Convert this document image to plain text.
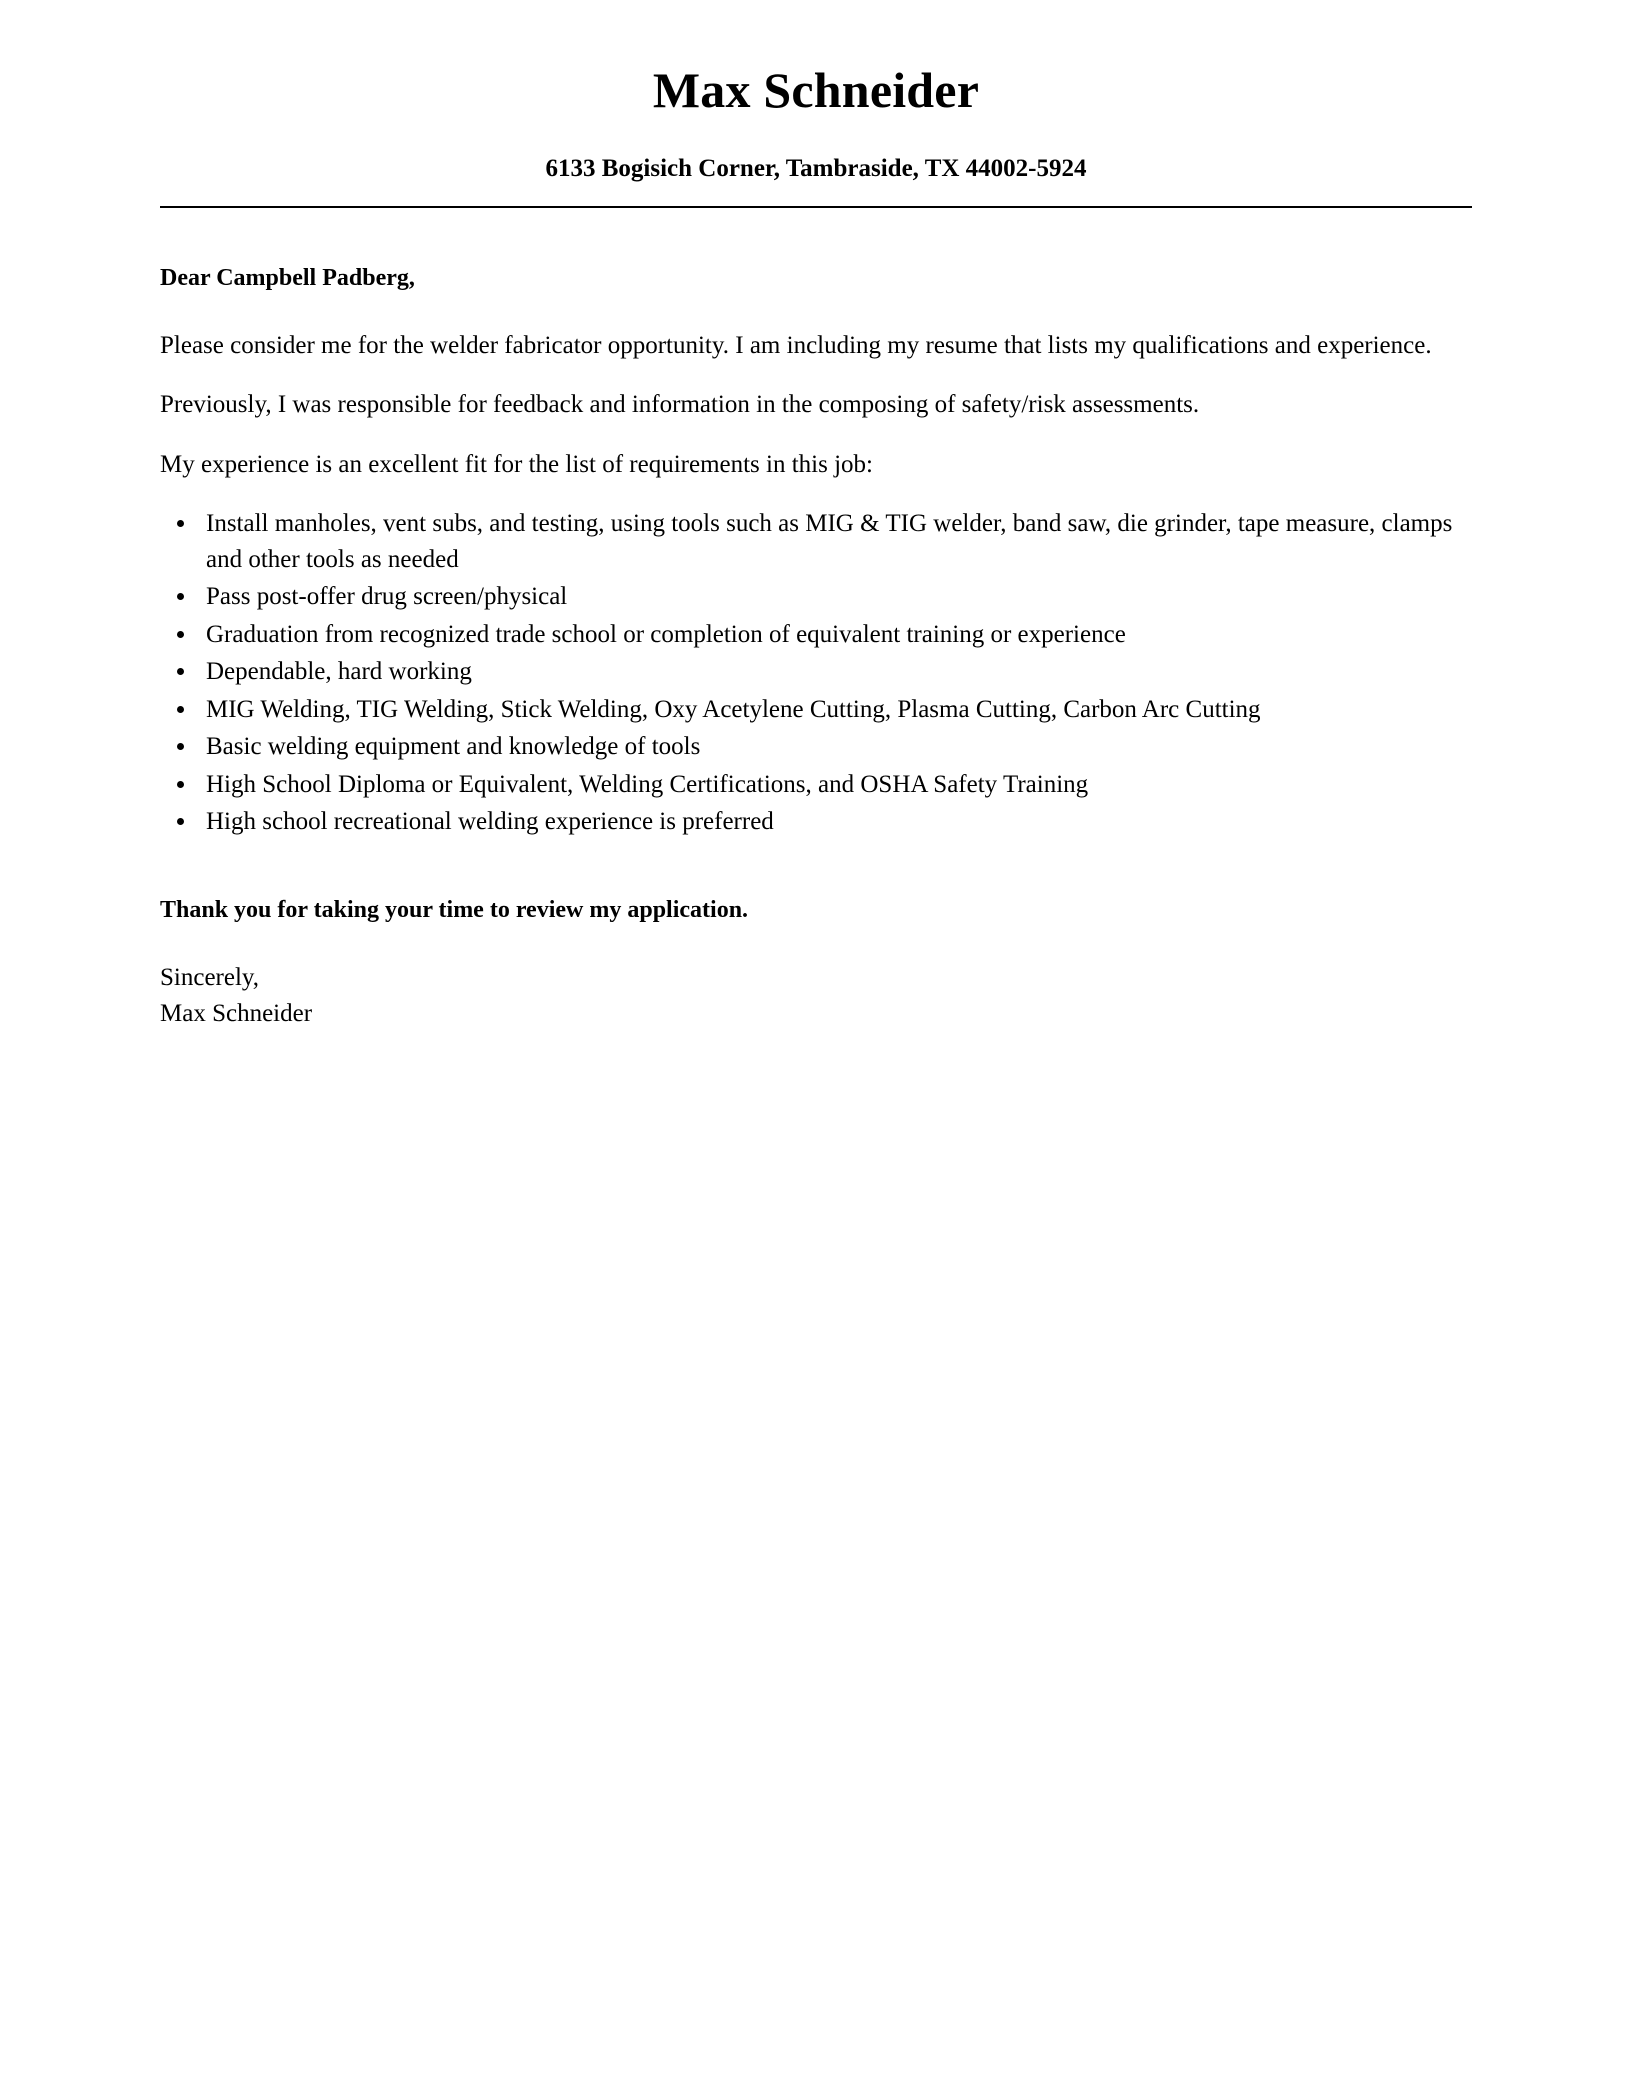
Max Schneider
6133 Bogisich Corner, Tambraside, TX 44002-5924
Dear Campbell Padberg,

Please consider me for the welder fabricator opportunity. I am including my resume that lists my qualifications and experience.

Previously, I was responsible for feedback and information in the composing of safety/risk assessments.

My experience is an excellent fit for the list of requirements in this job:

• Install manholes, vent subs, and testing, using tools such as MIG & TIG welder, band saw, die grinder, tape measure, clamps and other tools as needed
• Pass post-offer drug screen/physical
• Graduation from recognized trade school or completion of equivalent training or experience
• Dependable, hard working
• MIG Welding, TIG Welding, Stick Welding, Oxy Acetylene Cutting, Plasma Cutting, Carbon Arc Cutting
• Basic welding equipment and knowledge of tools
• High School Diploma or Equivalent, Welding Certifications, and OSHA Safety Training
• High school recreational welding experience is preferred
Thank you for taking your time to review my application.
Sincerely,
Max Schneider
